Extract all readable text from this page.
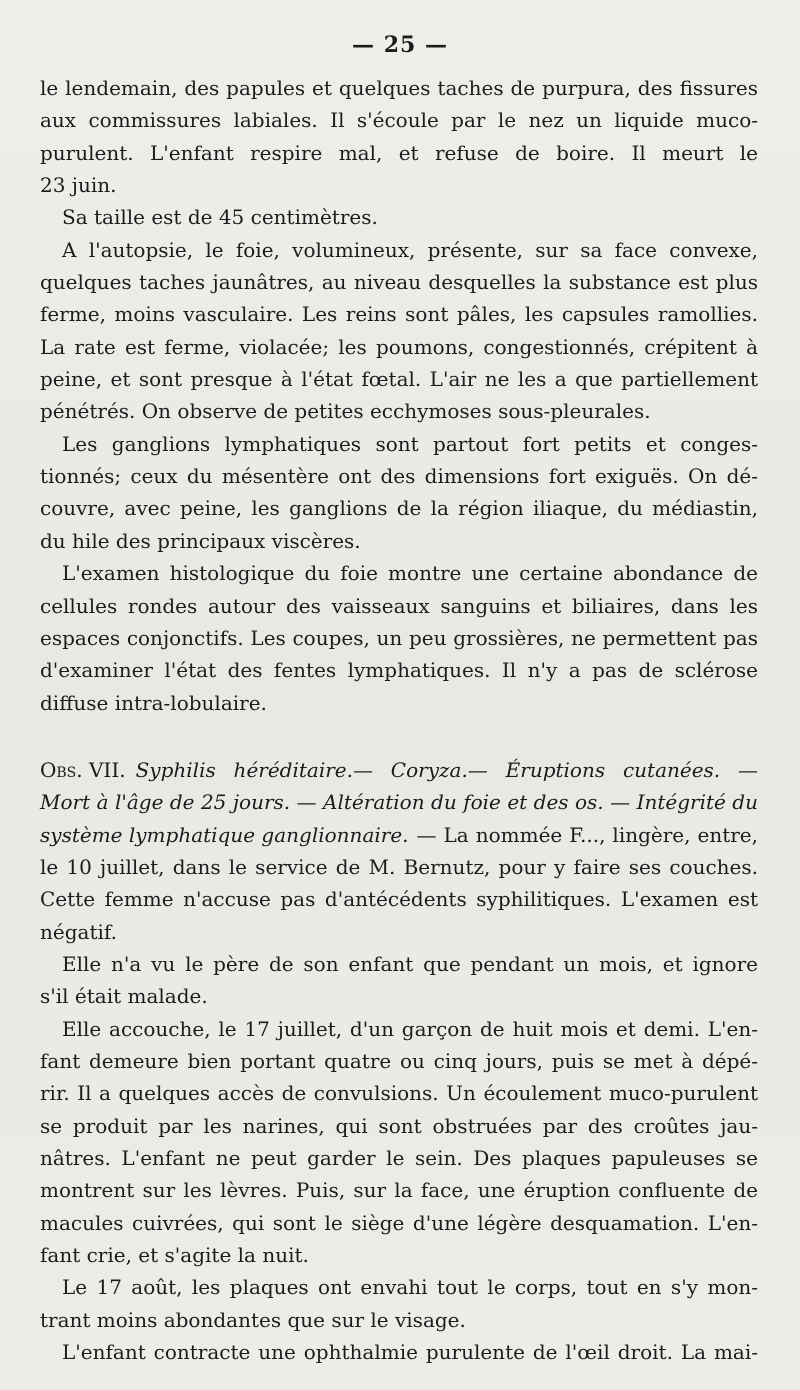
— 25 —
le lendemain, des papules et quelques taches de purpura, des fissures
aux commissures labiales. Il s'écoule par le nez un liquide muco-
purulent. L'enfant respire mal, et refuse de boire. Il meurt le
23 juin.
Sa taille est de 45 centimètres.
A l'autopsie, le foie, volumineux, présente, sur sa face convexe,
quelques taches jaunâtres, au niveau desquelles la substance est plus
ferme, moins vasculaire. Les reins sont pâles, les capsules ramollies.
La rate est ferme, violacée; les poumons, congestionnés, crépitent à
peine, et sont presque à l'état fœtal. L'air ne les a que partiellement
pénétrés. On observe de petites ecchymoses sous-pleurales.
Les ganglions lymphatiques sont partout fort petits et conges-
tionnés; ceux du mésentère ont des dimensions fort exiguës. On dé-
couvre, avec peine, les ganglions de la région iliaque, du médiastin,
du hile des principaux viscères.
L'examen histologique du foie montre une certaine abondance de
cellules rondes autour des vaisseaux sanguins et biliaires, dans les
espaces conjonctifs. Les coupes, un peu grossières, ne permettent pas
d'examiner l'état des fentes lymphatiques. Il n'y a pas de sclérose
diffuse intra-lobulaire.
Obs. VII. Syphilis héréditaire.— Coryza.— Éruptions cutanées. —
Mort à l'âge de 25 jours. — Altération du foie et des os. — Intégrité du
système lymphatique ganglionnaire. — La nommée F..., lingère, entre,
le 10 juillet, dans le service de M. Bernutz, pour y faire ses couches.
Cette femme n'accuse pas d'antécédents syphilitiques. L'examen est
négatif.
Elle n'a vu le père de son enfant que pendant un mois, et ignore
s'il était malade.
Elle accouche, le 17 juillet, d'un garçon de huit mois et demi. L'en-
fant demeure bien portant quatre ou cinq jours, puis se met à dépé-
rir. Il a quelques accès de convulsions. Un écoulement muco-purulent
se produit par les narines, qui sont obstruées par des croûtes jau-
nâtres. L'enfant ne peut garder le sein. Des plaques papuleuses se
montrent sur les lèvres. Puis, sur la face, une éruption confluente de
macules cuivrées, qui sont le siège d'une légère desquamation. L'en-
fant crie, et s'agite la nuit.
Le 17 août, les plaques ont envahi tout le corps, tout en s'y mon-
trant moins abondantes que sur le visage.
L'enfant contracte une ophthalmie purulente de l'œil droit. La mai-
